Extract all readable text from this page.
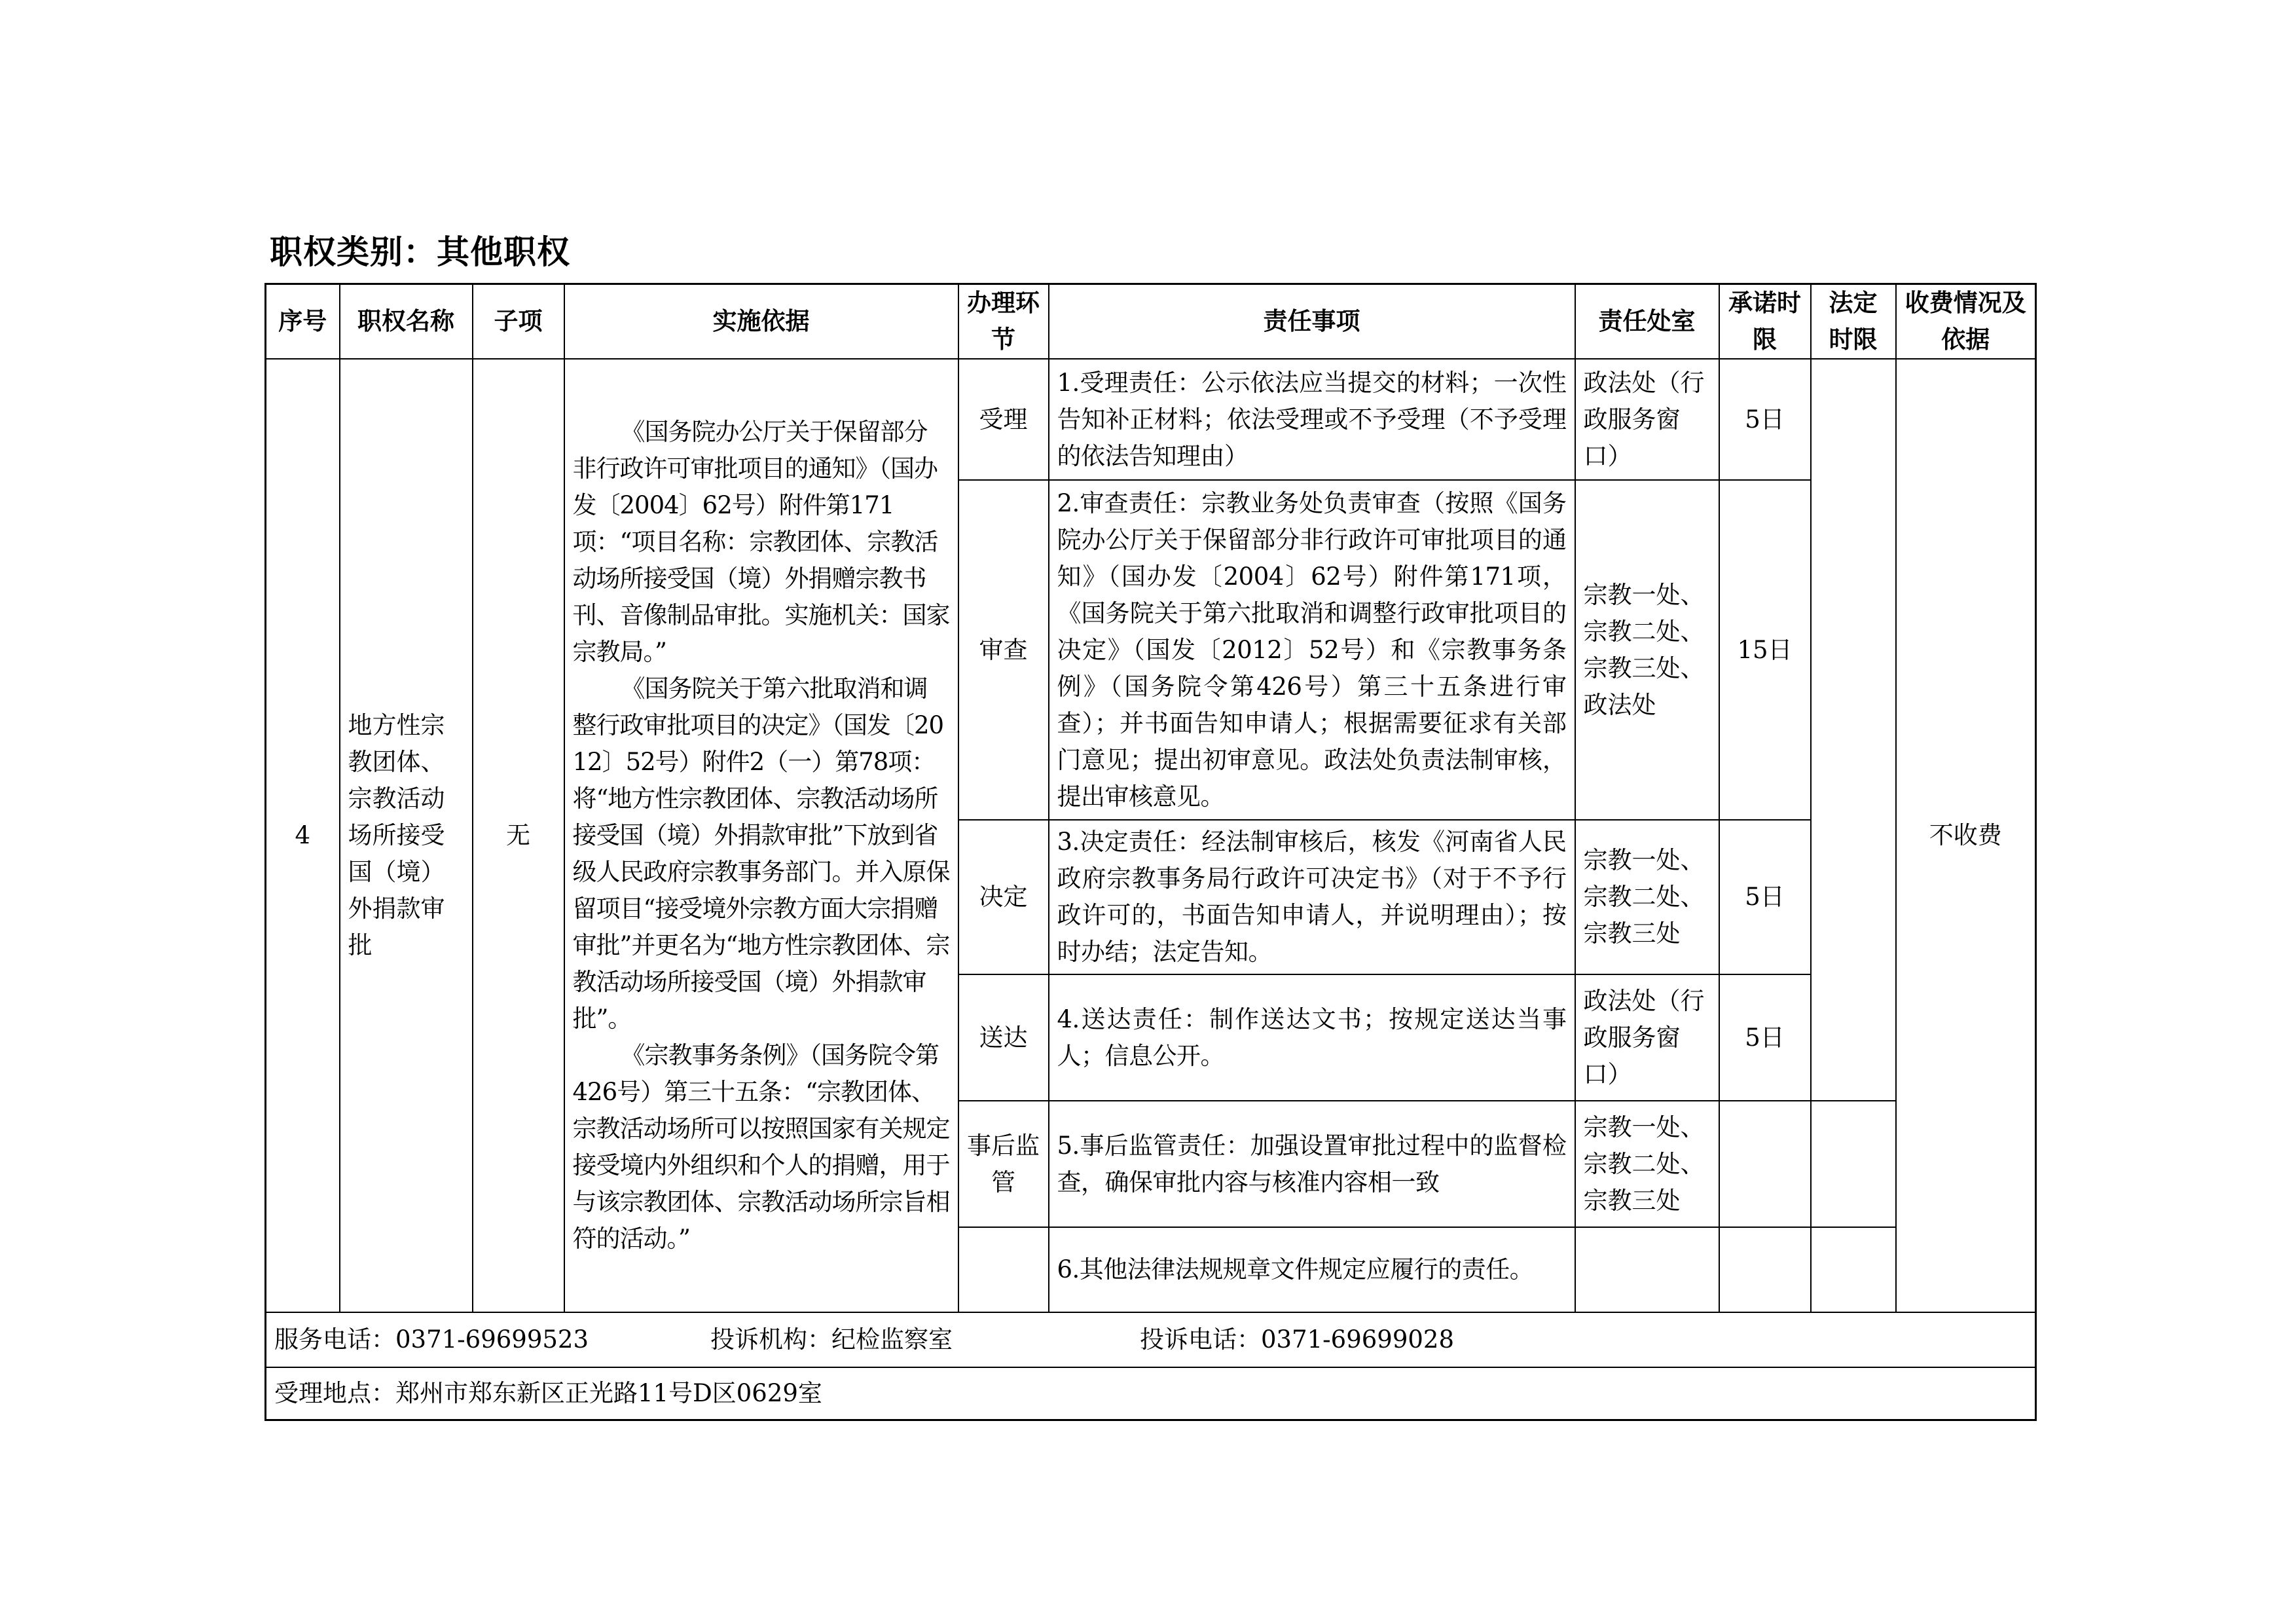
职权类别：其他职权
序号	职权名称	子项	实施依据	办理环节	责任事项	责任处室	承诺时限	法定时限	收费情况及依据
4	地方性宗教团体、宗教活动场所接受国（境）外捐款审批	无	《国务院办公厅关于保留部分非行政许可审批项目的通知》（国办发〔2004〕62号）附件第171项：“项目名称：宗教团体、宗教活动场所接受国（境）外捐赠宗教书刊、音像制品审批。实施机关：国家宗教局。”

《国务院关于第六批取消和调整行政审批项目的决定》（国发〔2012〕52号）附件2（一）第78项：将“地方性宗教团体、宗教活动场所接受国（境）外捐款审批”下放到省级人民政府宗教事务部门。并入原保留项目“接受境外宗教方面大宗捐赠审批”并更名为“地方性宗教团体、宗教活动场所接受国（境）外捐款审批”。

《宗教事务条例》（国务院令第426号）第三十五条：“宗教团体、宗教活动场所可以按照国家有关规定接受境内外组织和个人的捐赠，用于与该宗教团体、宗教活动场所宗旨相符的活动。”	受理	1.受理责任：公示依法应当提交的材料；一次性告知补正材料；依法受理或不予受理（不予受理的依法告知理由）	政法处（行政服务窗口）	5日		不收费
				审查	2.审查责任：宗教业务处负责审查（按照《国务院办公厅关于保留部分非行政许可审批项目的通知》（国办发〔2004〕62号）附件第171项，《国务院关于第六批取消和调整行政审批项目的决定》（国发〔2012〕52号）和《宗教事务条例》（国务院令第426号）第三十五条进行审查）；并书面告知申请人；根据需要征求有关部门意见；提出初审意见。政法处负责法制审核，提出审核意见。	宗教一处、宗教二处、宗教三处、政法处	15日		
				决定	3.决定责任：经法制审核后，核发《河南省人民政府宗教事务局行政许可决定书》（对于不予行政许可的，书面告知申请人，并说明理由）；按时办结；法定告知。	宗教一处、宗教二处、宗教三处	5日		
				送达	4.送达责任：制作送达文书；按规定送达当事人；信息公开。	政法处（行政服务窗口）	5日		
				事后监管	5.事后监管责任：加强设置审批过程中的监督检查，确保审批内容与核准内容相一致	宗教一处、宗教二处、宗教三处			
					6.其他法律法规规章文件规定应履行的责任。				
服务电话：0371-69699523 投诉机构：纪检监察室 投诉电话：0371-69699028									
受理地点：郑州市郑东新区正光路11号D区0629室									
